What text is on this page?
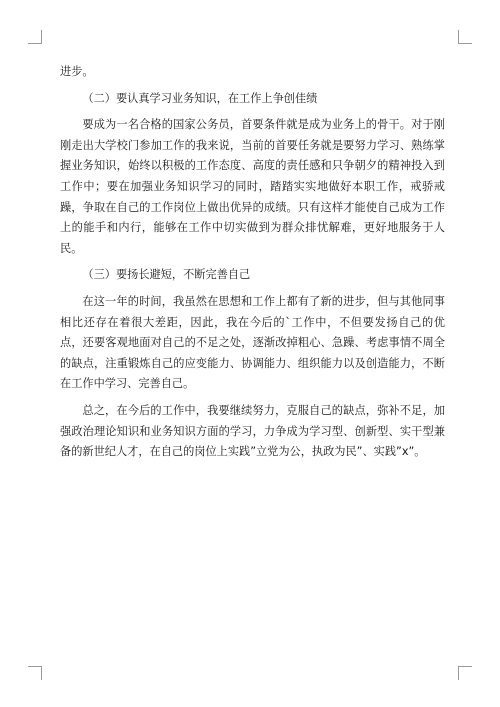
进步。

（二）要认真学习业务知识，在工作上争创佳绩

要成为一名合格的国家公务员，首要条件就是成为业务上的骨干。对于刚刚走出大学校门参加工作的我来说，当前的首要任务就是要努力学习、熟练掌握业务知识，始终以积极的工作态度、高度的责任感和只争朝夕的精神投入到工作中；要在加强业务知识学习的同时，踏踏实实地做好本职工作，戒骄戒躁，争取在自己的工作岗位上做出优异的成绩。只有这样才能使自己成为工作上的能手和内行，能够在工作中切实做到为群众排忧解难，更好地服务于人民。

（三）要扬长避短，不断完善自己

在这一年的时间，我虽然在思想和工作上都有了新的进步，但与其他同事相比还存在着很大差距，因此，我在今后的`工作中，不但要发扬自己的优点，还要客观地面对自己的不足之处，逐渐改掉粗心、急躁、考虑事情不周全的缺点，注重锻炼自己的应变能力、协调能力、组织能力以及创造能力，不断在工作中学习、完善自己。

总之，在今后的工作中，我要继续努力，克服自己的缺点，弥补不足，加强政治理论知识和业务知识方面的学习，力争成为学习型、创新型、实干型兼备的新世纪人才，在自己的岗位上实践”立党为公，执政为民”、实践”x”。
